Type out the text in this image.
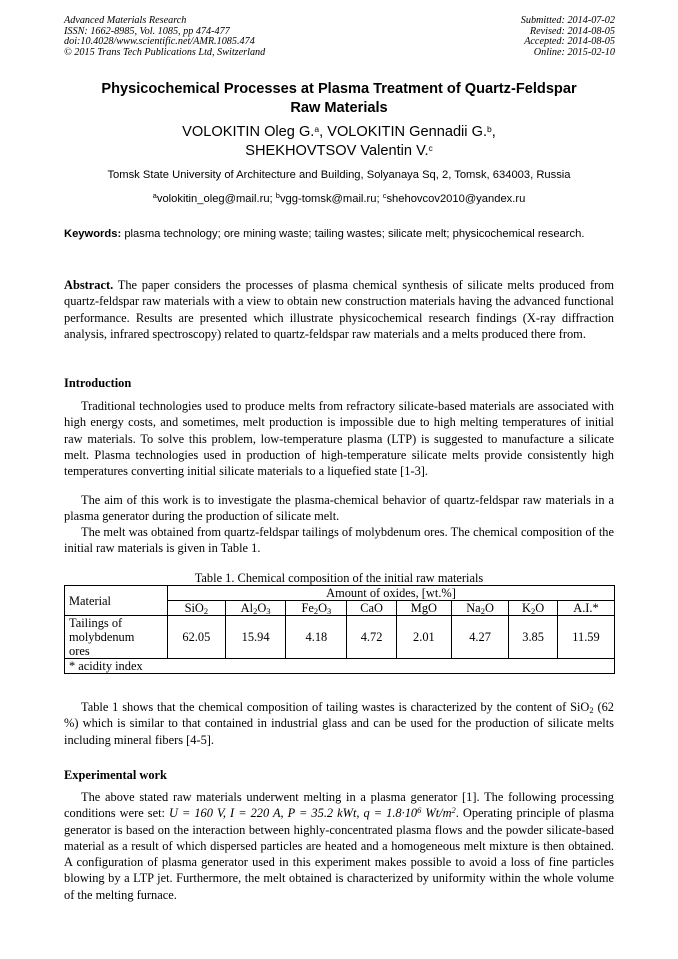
Advanced Materials Research
ISSN: 1662-8985, Vol. 1085, pp 474-477
doi:10.4028/www.scientific.net/AMR.1085.474
© 2015 Trans Tech Publications Ltd, Switzerland
Submitted: 2014-07-02
Revised: 2014-08-05
Accepted: 2014-08-05
Online: 2015-02-10
Physicochemical Processes at Plasma Treatment of Quartz-Feldspar
Raw Materials
VOLOKITIN Oleg G.$^a$, VOLOKITIN Gennadii G.$^b$,
SHEKHOVTSOV Valentin V.$^c$
Tomsk State University of Architecture and Building, Solyanaya Sq, 2, Tomsk, 634003, Russia
$^a$volokitin_oleg@mail.ru; $^b$vgg-tomsk@mail.ru; $^c$shehovcov2010@yandex.ru
Keywords: plasma technology; ore mining waste; tailing wastes; silicate melt; physicochemical research.

Abstract. The paper considers the processes of plasma chemical synthesis of silicate melts produced from quartz-feldspar raw materials with a view to obtain new construction materials having the advanced functional performance. Results are presented which illustrate physicochemical research findings (X-ray diffraction analysis, infrared spectroscopy) related to quartz-feldspar raw materials and a melts produced there from.

Introduction

Traditional technologies used to produce melts from refractory silicate-based materials are associated with high energy costs, and sometimes, melt production is impossible due to high melting temperatures of initial raw materials. To solve this problem, low-temperature plasma (LTP) is suggested to manufacture a silicate melt. Plasma technologies used in production of high-temperature silicate melts provide consistently high temperatures converting initial silicate materials to a liquefied state [1-3].

The aim of this work is to investigate the plasma-chemical behavior of quartz-feldspar raw materials in a plasma generator during the production of silicate melt.

The melt was obtained from quartz-feldspar tailings of molybdenum ores. The chemical composition of the initial raw materials is given in Table 1.

Table 1. Chemical composition of the initial raw materials
Material	Amount of oxides, [wt.%]							
	SiO$_2$	$Al_2O_3$	$Fe_2O_3$	CaO	MgO	$Na_2O$	$K_2O$	A.I.*

Tailings of
molybdenum
ores	62.05	15.94	4.18	4.72	2.01	4.27	3.85	11.59
* acidity index								

Table 1 shows that the chemical composition of tailing wastes is characterized by the content of SiO$_2$ (62 %) which is similar to that contained in industrial glass and can be used for the production of silicate melts including mineral fibers [4-5].

Experimental work

The above stated raw materials underwent melting in a plasma generator [1]. The following processing conditions were set: U = 160 V, I = 220 A, P = 35.2 kWt, $q = 1.8\cdot 10^6$ $Wt/m^2$. Operating principle of plasma generator is based on the interaction between highly-concentrated plasma flows and the powder silicate-based material as a result of which dispersed particles are heated and a homogeneous melt mixture is then obtained. A configuration of plasma generator used in this experiment makes possible to avoid a loss of fine particles blowing by a LTP jet. Furthermore, the melt obtained is characterized by uniformity within the whole volume of the melting furnace.
